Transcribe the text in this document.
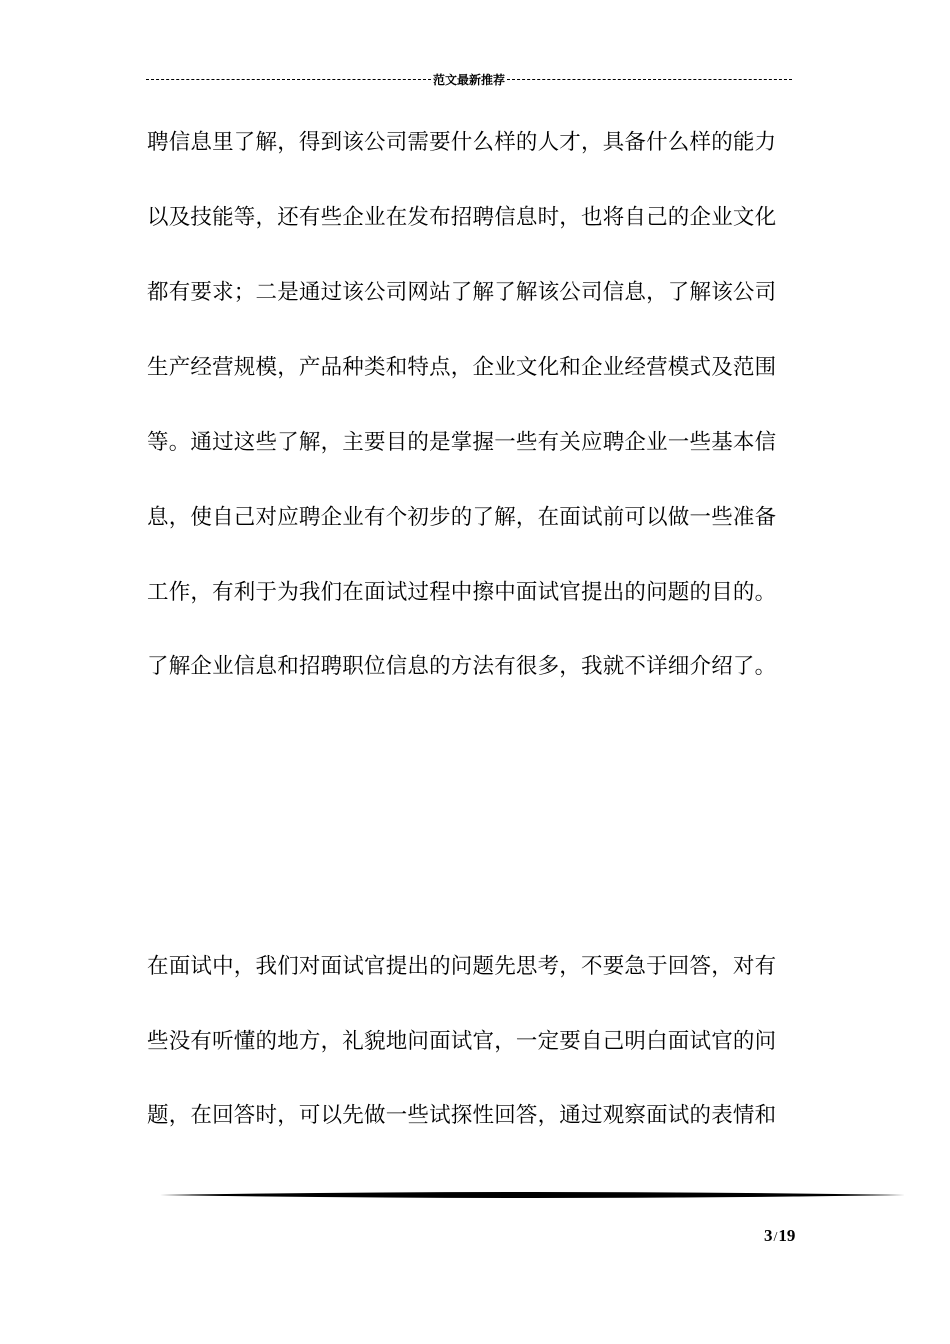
范文最新推荐
聘信息里了解，得到该公司需要什么样的人才，具备什么样的能力
以及技能等，还有些企业在发布招聘信息时，也将自己的企业文化
都有要求；二是通过该公司网站了解了解该公司信息，了解该公司
生产经营规模，产品种类和特点，企业文化和企业经营模式及范围
等。通过这些了解，主要目的是掌握一些有关应聘企业一些基本信
息，使自己对应聘企业有个初步的了解，在面试前可以做一些准备
工作，有利于为我们在面试过程中擦中面试官提出的问题的目的。
了解企业信息和招聘职位信息的方法有很多，我就不详细介绍了。
在面试中，我们对面试官提出的问题先思考，不要急于回答，对有
些没有听懂的地方，礼貌地问面试官，一定要自己明白面试官的问
题，在回答时，可以先做一些试探性回答，通过观察面试的表情和
3/19
